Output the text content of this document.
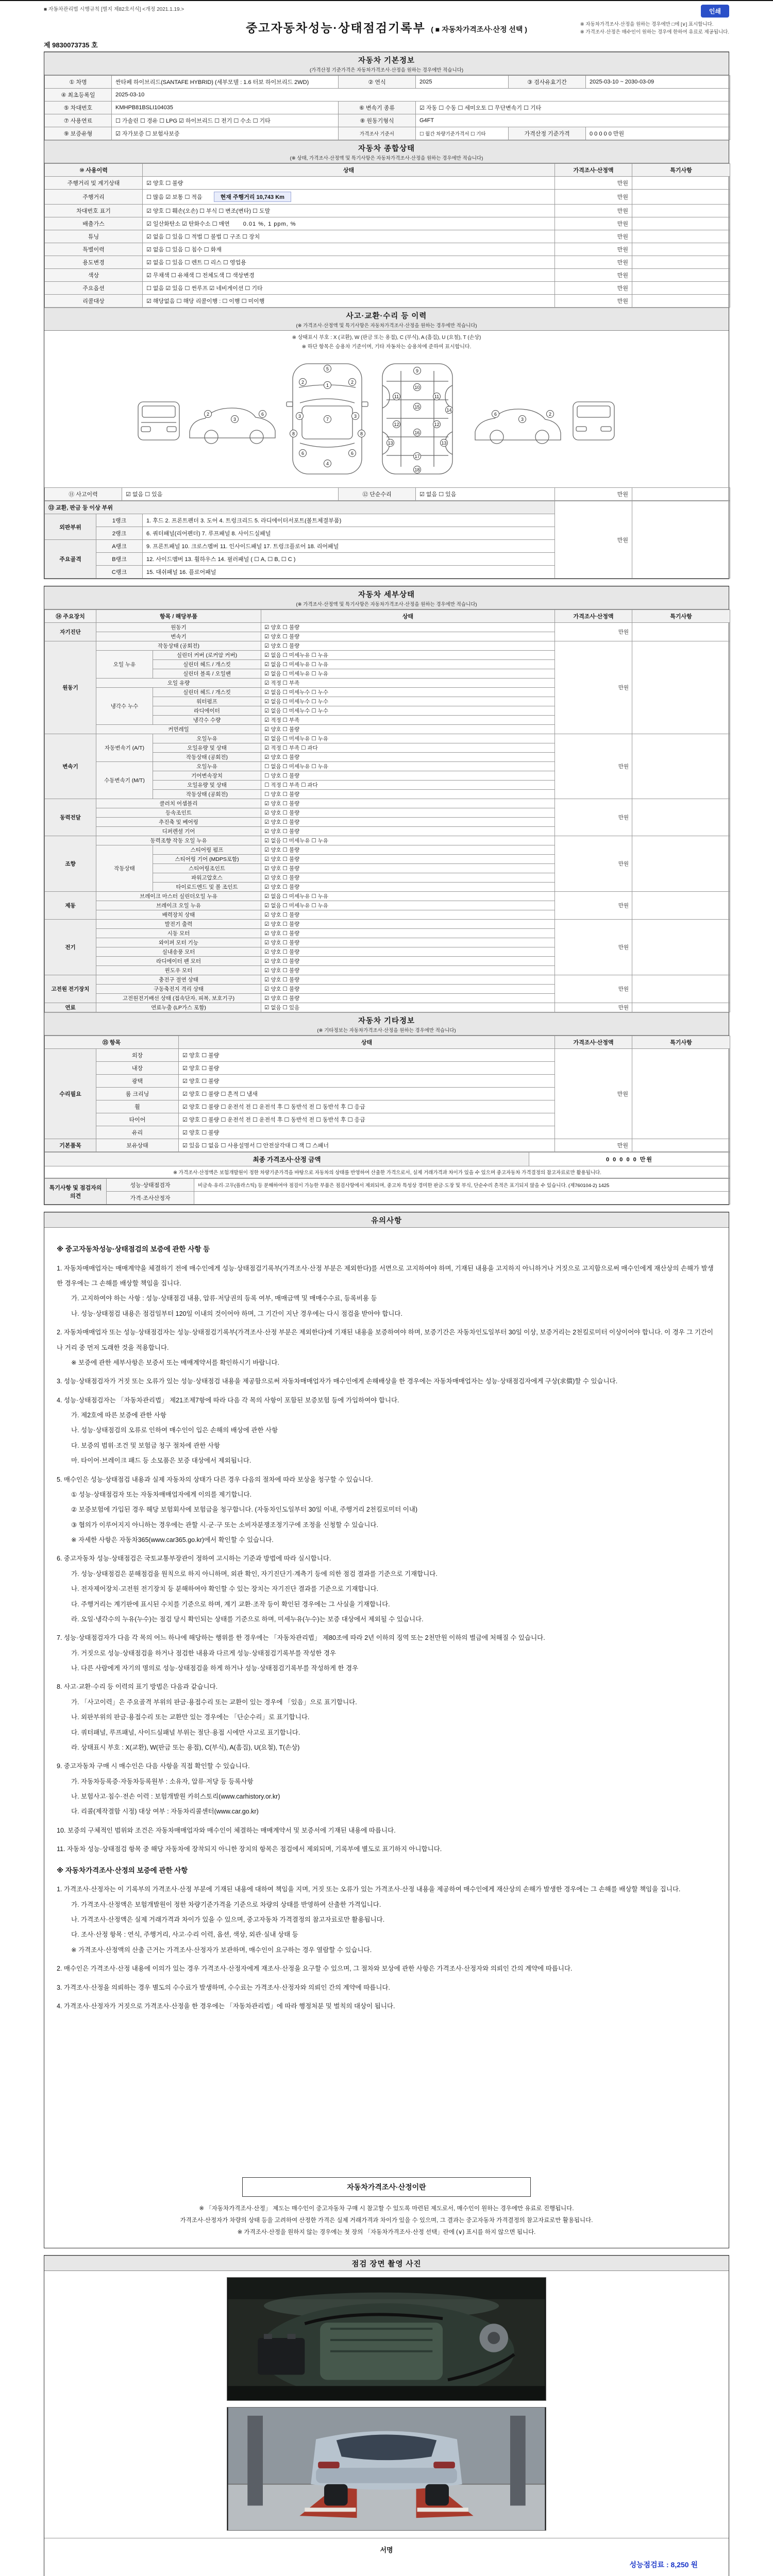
■ 자동차관리법 시행규칙 [별지 제82호서식] <개정 2021.1.19.>	인쇄
중고자동차성능·상태점검기록부 ( ■ 자동차가격조사·산정 선택 )
※ 자동차가격조사·산정을 원하는 경우에만 □에 [∨] 표시합니다.
※ 가격조사·산정은 매수인이 원하는 경우에 한하여 유료로 제공됩니다.
제 9830073735 호
자동차 기본정보
(가격산정 기준가격은 자동차가격조사·산정을 원하는 경우에만 적습니다)
① 차명	싼타페 하이브리드(SANTAFE HYBRID) (세부모델 : 1.6 터보 하이브리드 2WD)	② 연식	2025	③ 검사유효기간	2025-03-10 ~ 2030-03-09
④ 최초등록일	2025-03-10				
⑤ 차대번호	KMHPB81BSLI104035	⑥ 변속기 종류	☑ 자동 ☐ 수동 ☐ 세미오토 ☐ 무단변속기 ☐ 기타		
⑦ 사용연료	☐ 가솔린 ☐ 경유 ☐ LPG ☑ 하이브리드 ☐ 전기 ☐ 수소 ☐ 기타	⑧ 원동기형식	G4FT		
⑨ 보증유형	☑ 자가보증 ☐ 보험사보증	가격조사 기준서	☐ 월간 차량기준가격서 ☐ 기타	가격산정 기준가격	0 0 0 0 0 만원
자동차 종합상태
(※ 상태, 가격조사·산정액 및 특기사항은 자동차가격조사·산정을 원하는 경우에만 적습니다)
⑩ 사용이력	상태	가격조사·산정액	특기사항
주행거리 및 계기상태	☑ 양호 ☐ 불량	만원	
주행거리	☐ 많음 ☑ 보통 ☐ 적음 현재 주행거리 10,743 Km	만원	
차대번호 표기	☑ 양호 ☐ 훼손(오손) ☐ 부식 ☐ 변조(변타) ☐ 도말	만원	
배출가스	☑ 일산화탄소 ☑ 탄화수소 ☐ 매연 0.01 %, 1 ppm, %	만원	
튜닝	☑ 없음 ☐ 있음 ☐ 적법 ☐ 불법 ☐ 구조 ☐ 장치	만원	
특별이력	☑ 없음 ☐ 있음 ☐ 침수 ☐ 화재	만원	
용도변경	☑ 없음 ☐ 있음 ☐ 렌트 ☐ 리스 ☐ 영업용	만원	
색상	☑ 무채색 ☐ 유채색 ☐ 전체도색 ☐ 색상변경	만원	
주요옵션	☐ 없음 ☑ 있음 ☐ 썬루프 ☑ 네비게이션 ☐ 기타	만원	
리콜대상	☑ 해당없음 ☐ 해당 리콜이행 : ☐ 이행 ☐ 미이행	만원	
사고·교환·수리 등 이력
(※ 가격조사·산정액 및 특기사항은 자동차가격조사·산정을 원하는 경우에만 적습니다)
※ 상태표시 부호 : X (교환), W (판금 또는 용접), C (부식), A (흠집), U (요철), T (손상)
※ 하단 항목은 승용차 기준이며, 기타 자동차는 승용차에 준하여 표시합니다.
5
1
2	2
3	3
7
8	8
6	6
4
9
10
11	11
15
12	12
14
16
13	13
17
18
2
3
6	6
3
2
⑪ 사고이력	☑ 없음 ☐ 있음	⑫ 단순수리	☑ 없음 ☐ 있음	만원	
⑬ 교환, 판금 등 이상 부위			만원	
외판부위	1랭크	1. 후드 2. 프론트펜더 3. 도어 4. 트렁크리드 5. 라디에이터서포트(볼트체결부품)		
	2랭크	6. 쿼터패널(리어펜더) 7. 루프패널 8. 사이드실패널		
주요골격	A랭크	9. 프론트패널 10. 크로스멤버 11. 인사이드패널 17. 트렁크플로어 18. 리어패널		
	B랭크	12. 사이드멤버 13. 휠하우스 14. 필러패널 ( ☐ A, ☐ B, ☐ C )		
	C랭크	15. 대쉬패널 16. 플로어패널		
자동차 세부상태
(※ 가격조사·산정액 및 특기사항은 자동차가격조사·산정을 원하는 경우에만 적습니다)
⑭ 주요장치	항목 / 해당부품		상태	가격조사·산정액	특기사항
자기진단	원동기		☑ 양호 ☐ 불량	만원	
	변속기		☑ 양호 ☐ 불량		
원동기	작동상태 (공회전)		☑ 양호 ☐ 불량	만원	
	오일 누유	실린더 커버 (로커암 커버)	☑ 없음 ☐ 미세누유 ☐ 누유		
		실린더 헤드 / 개스킷	☑ 없음 ☐ 미세누유 ☐ 누유		
		실린더 블록 / 오일팬	☑ 없음 ☐ 미세누유 ☐ 누유		
	오일 유량		☑ 적정 ☐ 부족		
	냉각수 누수	실린더 헤드 / 개스킷	☑ 없음 ☐ 미세누수 ☐ 누수		
		워터펌프	☑ 없음 ☐ 미세누수 ☐ 누수		
		라디에이터	☑ 없음 ☐ 미세누수 ☐ 누수		
		냉각수 수량	☑ 적정 ☐ 부족		
	커먼레일		☑ 양호 ☐ 불량		
변속기	자동변속기 (A/T)	오일누유	☑ 없음 ☐ 미세누유 ☐ 누유	만원	
		오일유량 및 상태	☑ 적정 ☐ 부족 ☐ 과다		
		작동상태 (공회전)	☑ 양호 ☐ 불량		
	수동변속기 (M/T)	오일누유	☐ 없음 ☐ 미세누유 ☐ 누유		
		기어변속장치	☐ 양호 ☐ 불량		
		오일유량 및 상태	☐ 적정 ☐ 부족 ☐ 과다		
		작동상태 (공회전)	☐ 양호 ☐ 불량		
동력전달	클러치 어셈블리		☑ 양호 ☐ 불량	만원	
	등속조인트		☑ 양호 ☐ 불량		
	추진축 및 베어링		☑ 양호 ☐ 불량		
	디퍼렌셜 기어		☑ 양호 ☐ 불량		
조향	동력조향 작동 오일 누유		☑ 없음 ☐ 미세누유 ☐ 누유	만원	
	작동상태	스티어링 펌프	☑ 양호 ☐ 불량		
		스티어링 기어 (MDPS포함)	☑ 양호 ☐ 불량		
		스티어링조인트	☑ 양호 ☐ 불량		
		파워고압호스	☑ 양호 ☐ 불량		
		타이로드엔드 및 볼 조인트	☑ 양호 ☐ 불량		
제동	브레이크 마스터 실린더오일 누유		☑ 없음 ☐ 미세누유 ☐ 누유	만원	
	브레이크 오일 누유		☑ 없음 ☐ 미세누유 ☐ 누유		
	배력장치 상태		☑ 양호 ☐ 불량		
전기	발전기 출력		☑ 양호 ☐ 불량	만원	
	시동 모터		☑ 양호 ☐ 불량		
	와이퍼 모터 기능		☑ 양호 ☐ 불량		
	실내송풍 모터		☑ 양호 ☐ 불량		
	라디에이터 팬 모터		☑ 양호 ☐ 불량		
	윈도우 모터		☑ 양호 ☐ 불량		
고전원 전기장치	충전구 절연 상태		☑ 양호 ☐ 불량	만원	
	구동축전지 격리 상태		☑ 양호 ☐ 불량		
	고전원전기배선 상태 (접속단자, 피복, 보호기구)		☑ 양호 ☐ 불량		
연료	연료누출 (LP가스 포함)		☑ 없음 ☐ 있음	만원	
자동차 기타정보
(※ 기타정보는 자동차가격조사·산정을 원하는 경우에만 적습니다)
⑮ 항목		상태	가격조사·산정액	특기사항
수리필요	외장	☑ 양호 ☐ 불량	만원	
	내장	☑ 양호 ☐ 불량		
	광택	☑ 양호 ☐ 불량		
	룸 크리닝	☑ 양호 ☐ 불량 ☐ 흔적 ☐ 냄새		
	휠	☑ 양호 ☐ 불량 ☐ 운전석 전 ☐ 운전석 후 ☐ 동반석 전 ☐ 동반석 후 ☐ 응급		
	타이어	☑ 양호 ☐ 불량 ☐ 운전석 전 ☐ 운전석 후 ☐ 동반석 전 ☐ 동반석 후 ☐ 응급		
	유리	☑ 양호 ☐ 불량		
기본품목	보유상태	☑ 있음 ☐ 없음 ☐ 사용설명서 ☐ 안전삼각대 ☐ 잭 ☐ 스패너	만원	
최종 가격조사·산정 금액	0 0 0 0 0 만원
※ 가격조사·산정액은 보험개발원이 정한 차량기준가격을 바탕으로 자동차의 상태를 반영하여 산출한 가격으로서, 실제 거래가격과 차이가 있을 수 있으며 중고자동차 가격결정의 참고자료로만 활용됩니다.
특기사항 및 점검자의 의견	성능·상태점검자	비금속·유리·고무(플라스틱) 등 분해하여야 점검이 가능한 부품은 점검사항에서 제외되며, 중고차 특성상 경미한 판금·도장 및 부식, 단순수리 흔적은 표기되지 않을 수 있습니다. (제760104-2) 1425
	가격·조사산정자	
유의사항
※ 중고자동차성능·상태점검의 보증에 관한 사항 등
1. 자동차매매업자는 매매계약을 체결하기 전에 매수인에게 성능·상태점검기록부(가격조사·산정 부분은 제외한다)를 서면으로 고지하여야 하며, 기재된 내용을 고지하지 아니하거나 거짓으로 고지함으로써 매수인에게 재산상의 손해가 발생한 경우에는 그 손해를 배상할 책임을 집니다.
가. 고지하여야 하는 사항 : 성능·상태점검 내용, 압류·저당권의 등록 여부, 매매금액 및 매매수수료, 등록비용 등
나. 성능·상태점검 내용은 점검일부터 120일 이내의 것이어야 하며, 그 기간이 지난 경우에는 다시 점검을 받아야 합니다.
2. 자동차매매업자 또는 성능·상태점검자는 성능·상태점검기록부(가격조사·산정 부분은 제외한다)에 기재된 내용을 보증하여야 하며, 보증기간은 자동차인도일부터 30일 이상, 보증거리는 2천킬로미터 이상이어야 합니다. 이 경우 그 기간이나 거리 중 먼저 도래한 것을 적용합니다.
※ 보증에 관한 세부사항은 보증서 또는 매매계약서를 확인하시기 바랍니다.
3. 성능·상태점검자가 거짓 또는 오류가 있는 성능·상태점검 내용을 제공함으로써 자동차매매업자가 매수인에게 손해배상을 한 경우에는 자동차매매업자는 성능·상태점검자에게 구상(求償)할 수 있습니다.
4. 성능·상태점검자는 「자동차관리법」 제21조제7항에 따라 다음 각 목의 사항이 포함된 보증보험 등에 가입하여야 합니다.
가. 제2호에 따른 보증에 관한 사항
나. 성능·상태점검의 오류로 인하여 매수인이 입은 손해의 배상에 관한 사항
다. 보증의 범위·조건 및 보험금 청구 절차에 관한 사항
마. 타이어·브레이크 패드 등 소모품은 보증 대상에서 제외됩니다.
5. 매수인은 성능·상태점검 내용과 실제 자동차의 상태가 다른 경우 다음의 절차에 따라 보상을 청구할 수 있습니다.
① 성능·상태점검자 또는 자동차매매업자에게 이의를 제기합니다.
② 보증보험에 가입된 경우 해당 보험회사에 보험금을 청구합니다. (자동차인도일부터 30일 이내, 주행거리 2천킬로미터 이내)
③ 협의가 이루어지지 아니하는 경우에는 관할 시·군·구 또는 소비자분쟁조정기구에 조정을 신청할 수 있습니다.
※ 자세한 사항은 자동차365(www.car365.go.kr)에서 확인할 수 있습니다.
6. 중고자동차 성능·상태점검은 국토교통부장관이 정하여 고시하는 기준과 방법에 따라 실시합니다.
가. 성능·상태점검은 분해점검을 원칙으로 하지 아니하며, 외관 확인, 자기진단기·계측기 등에 의한 점검 결과를 기준으로 기재합니다.
나. 전자제어장치·고전원 전기장치 등 분해하여야 확인할 수 있는 장치는 자기진단 결과를 기준으로 기재합니다.
다. 주행거리는 계기판에 표시된 수치를 기준으로 하며, 계기 교환·조작 등이 확인된 경우에는 그 사실을 기재합니다.
라. 오일·냉각수의 누유(누수)는 점검 당시 확인되는 상태를 기준으로 하며, 미세누유(누수)는 보증 대상에서 제외될 수 있습니다.
7. 성능·상태점검자가 다음 각 목의 어느 하나에 해당하는 행위를 한 경우에는 「자동차관리법」 제80조에 따라 2년 이하의 징역 또는 2천만원 이하의 벌금에 처해질 수 있습니다.
가. 거짓으로 성능·상태점검을 하거나 점검한 내용과 다르게 성능·상태점검기록부를 작성한 경우
나. 다른 사람에게 자기의 명의로 성능·상태점검을 하게 하거나 성능·상태점검기록부를 작성하게 한 경우
8. 사고·교환·수리 등 이력의 표기 방법은 다음과 같습니다.
가. 「사고이력」은 주요골격 부위의 판금·용접수리 또는 교환이 있는 경우에 「있음」으로 표기합니다.
나. 외판부위의 판금·용접수리 또는 교환만 있는 경우에는 「단순수리」로 표기합니다.
다. 쿼터패널, 루프패널, 사이드실패널 부위는 절단·용접 시에만 사고로 표기합니다.
라. 상태표시 부호 : X(교환), W(판금 또는 용접), C(부식), A(흠집), U(요철), T(손상)
9. 중고자동차 구매 시 매수인은 다음 사항을 직접 확인할 수 있습니다.
가. 자동차등록증·자동차등록원부 : 소유자, 압류·저당 등 등록사항
나. 보험사고·침수·전손 이력 : 보험개발원 카히스토리(www.carhistory.or.kr)
다. 리콜(제작결함 시정) 대상 여부 : 자동차리콜센터(www.car.go.kr)
10. 보증의 구체적인 범위와 조건은 자동차매매업자와 매수인이 체결하는 매매계약서 및 보증서에 기재된 내용에 따릅니다.
11. 자동차 성능·상태점검 항목 중 해당 자동차에 장착되지 아니한 장치의 항목은 점검에서 제외되며, 기록부에 별도로 표기하지 아니합니다.
※ 자동차가격조사·산정의 보증에 관한 사항
1. 가격조사·산정자는 이 기록부의 가격조사·산정 부분에 기재된 내용에 대하여 책임을 지며, 거짓 또는 오류가 있는 가격조사·산정 내용을 제공하여 매수인에게 재산상의 손해가 발생한 경우에는 그 손해를 배상할 책임을 집니다.
가. 가격조사·산정액은 보험개발원이 정한 차량기준가격을 기준으로 차량의 상태를 반영하여 산출한 가격입니다.
나. 가격조사·산정액은 실제 거래가격과 차이가 있을 수 있으며, 중고자동차 가격결정의 참고자료로만 활용됩니다.
다. 조사·산정 항목 : 연식, 주행거리, 사고·수리 이력, 옵션, 색상, 외관·실내 상태 등
※ 가격조사·산정액의 산출 근거는 가격조사·산정자가 보관하며, 매수인이 요구하는 경우 열람할 수 있습니다.
2. 매수인은 가격조사·산정 내용에 이의가 있는 경우 가격조사·산정자에게 재조사·산정을 요구할 수 있으며, 그 절차와 보상에 관한 사항은 가격조사·산정자와 의뢰인 간의 계약에 따릅니다.
3. 가격조사·산정을 의뢰하는 경우 별도의 수수료가 발생하며, 수수료는 가격조사·산정자와 의뢰인 간의 계약에 따릅니다.
4. 가격조사·산정자가 거짓으로 가격조사·산정을 한 경우에는 「자동차관리법」에 따라 행정처분 및 벌칙의 대상이 됩니다.
자동차가격조사·산정이란
※ 「자동차가격조사·산정」 제도는 매수인이 중고자동차 구매 시 참고할 수 있도록 마련된 제도로서, 매수인이 원하는 경우에만 유료로 진행됩니다.
가격조사·산정자가 차량의 상태 등을 고려하여 산정한 가격은 실제 거래가격과 차이가 있을 수 있으며, 그 결과는 중고자동차 가격결정의 참고자료로만 활용됩니다.
※ 가격조사·산정을 원하지 않는 경우에는 첫 장의 「자동차가격조사·산정 선택」란에 (∨) 표시를 하지 않으면 됩니다.
점검 장면 촬영 사진
서명
성능점검료 : 8,250 원
